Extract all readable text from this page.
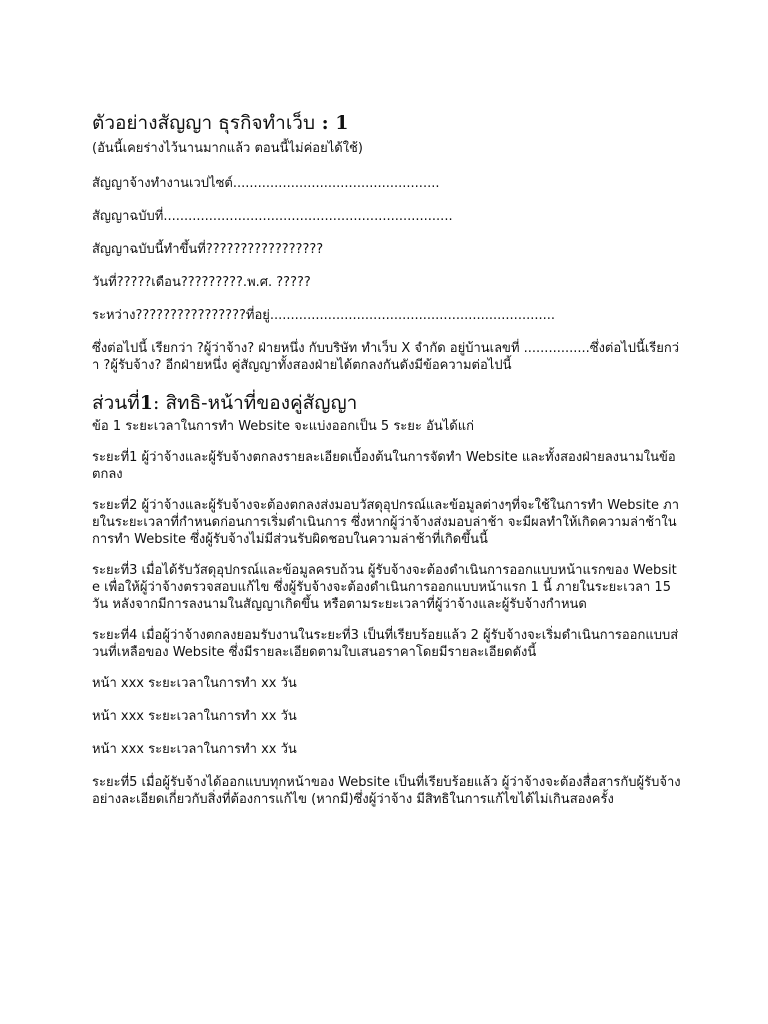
ตัวอย่างสัญญา ธุรกิจทำเว็บ : 1

(อันนี้เคยร่างไว้นานมากแล้ว ตอนนี้ไม่ค่อยได้ใช้)

สัญญาจ้างทำงานเวปไซต์..................................................

สัญญาฉบับที่......................................................................

สัญญาฉบับนี้ทำขึ้นที่?????????????????

วันที่?????เดือน?????????.พ.ศ. ?????

ระหว่าง????????????????ที่อยู่.....................................................................

ซึ่งต่อไปนี้ เรียกว่า ?ผู้ว่าจ้าง? ฝ่ายหนึ่ง กับบริษัท ทำเว็บ X จำกัด อยู่บ้านเลขที่ ................ซึ่งต่อไปนี้เรียกว่า ?ผู้รับจ้าง? อีกฝ่ายหนึ่ง คู่สัญญาทั้งสองฝ่ายได้ตกลงกันดังมีข้อความต่อไปนี้

ส่วนที่1: สิทธิ-หน้าที่ของคู่สัญญา

ข้อ 1 ระยะเวลาในการทำ Website จะแบ่งออกเป็น 5 ระยะ อันได้แก่

ระยะที่1 ผู้ว่าจ้างและผู้รับจ้างตกลงรายละเอียดเบื้องต้นในการจัดทำ Website และทั้งสองฝ่ายลงนามในข้อตกลง

ระยะที่2 ผู้ว่าจ้างและผู้รับจ้างจะต้องตกลงส่งมอบวัสดุอุปกรณ์และข้อมูลต่างๆที่จะใช้ในการทำ Website ภายในระยะเวลาที่กำหนดก่อนการเริ่มดำเนินการ ซึ่งหากผู้ว่าจ้างส่งมอบล่าช้า จะมีผลทำให้เกิดความล่าช้าในการทำ Website ซึ่งผู้รับจ้างไม่มีส่วนรับผิดชอบในความล่าช้าที่เกิดขึ้นนี้

ระยะที่3 เมื่อได้รับวัสดุอุปกรณ์และข้อมูลครบถ้วน ผู้รับจ้างจะต้องดำเนินการออกแบบหน้าแรกของ Website เพื่อให้ผู้ว่าจ้างตรวจสอบแก้ไข ซึ่งผู้รับจ้างจะต้องดำเนินการออกแบบหน้าแรก 1 นี้ ภายในระยะเวลา 15 วัน หลังจากมีการลงนามในสัญญาเกิดขึ้น หรือตามระยะเวลาที่ผู้ว่าจ้างและผู้รับจ้างกำหนด

ระยะที่4 เมื่อผู้ว่าจ้างตกลงยอมรับงานในระยะที่3 เป็นที่เรียบร้อยแล้ว 2 ผู้รับจ้างจะเริ่มดำเนินการออกแบบส่วนที่เหลือของ Website ซึ่งมีรายละเอียดตามใบเสนอราคาโดยมีรายละเอียดดังนี้

หน้า xxx ระยะเวลาในการทำ xx วัน

หน้า xxx ระยะเวลาในการทำ xx วัน

หน้า xxx ระยะเวลาในการทำ xx วัน

ระยะที่5 เมื่อผู้รับจ้างได้ออกแบบทุกหน้าของ Website เป็นที่เรียบร้อยแล้ว ผู้ว่าจ้างจะต้องสื่อสารกับผู้รับจ้างอย่างละเอียดเกี่ยวกับสิ่งที่ต้องการแก้ไข (หากมี)ซึ่งผู้ว่าจ้าง มีสิทธิในการแก้ไขได้ไม่เกินสองครั้ง
